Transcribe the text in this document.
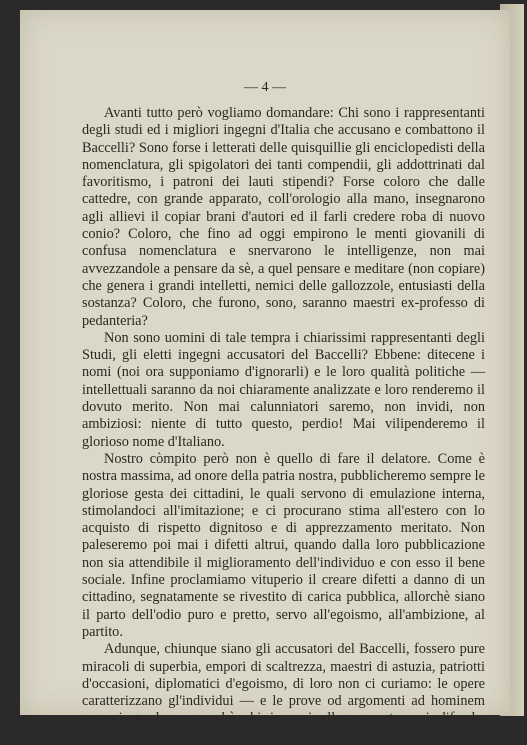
— 4 —

Avanti tutto però vogliamo domandare: Chi sono i rappresentanti degli studi ed i migliori ingegni d'Italia che accusano e combattono il Baccelli? Sono forse i letterati delle quisquillie gli enciclopedisti della nomenclatura, gli spigolatori dei tanti compendii, gli addottrinati dal favoritismo, i patroni dei lauti stipendi? Forse coloro che dalle cattedre, con grande apparato, coll'orologio alla mano, insegnarono agli allievi il copiar brani d'autori ed il farli credere roba di nuovo conio? Coloro, che fino ad oggi empirono le menti giovanili di confusa nomenclatura e snervarono le intelligenze, non mai avvezzandole a pensare da sè, a quel pensare e meditare (non copiare) che genera i grandi intelletti, nemici delle gallozzole, entusiasti della sostanza? Coloro, che furono, sono, saranno maestri ex-professo di pedanteria?

Non sono uomini di tale tempra i chiarissimi rappresentanti degli Studi, gli eletti ingegni accusatori del Baccelli? Ebbene: ditecene i nomi (noi ora supponiamo d'ignorarli) e le loro qualità politiche — intellettuali saranno da noi chiaramente analizzate e loro renderemo il dovuto merito. Non mai calunniatori saremo, non invidi, non ambiziosi: niente di tutto questo, perdio! Mai vilipenderemo il glorioso nome d'Italiano.

Nostro còmpito però non è quello di fare il delatore. Come è nostra massima, ad onore della patria nostra, pubblicheremo sempre le gloriose gesta dei cittadini, le quali servono di emulazione interna, stimolandoci all'imitazione; e ci procurano stima all'estero con lo acquisto di rispetto dignitoso e di apprezzamento meritato. Non paleseremo poi mai i difetti altrui, quando dalla loro pubblicazione non sia attendibile il miglioramento dell'individuo e con esso il bene sociale. Infine proclamiamo vituperio il creare difetti a danno di un cittadino, segnatamente se rivestito di carica pubblica, allorchè siano il parto dell'odio puro e pretto, servo all'egoismo, all'ambizione, al partito.

Adunque, chiunque siano gli accusatori del Baccelli, fossero pure miracoli di superbia, empori di scaltrezza, maestri di astuzia, patriotti d'occasioni, diplomatici d'egoismo, di loro non ci curiamo: le opere caratterizzano gl'individui — e le prove od argomenti ad hominem non ci quadrano, perchè chi innanzi allo accusatore si difende, rinfacciandoli degli stessi
